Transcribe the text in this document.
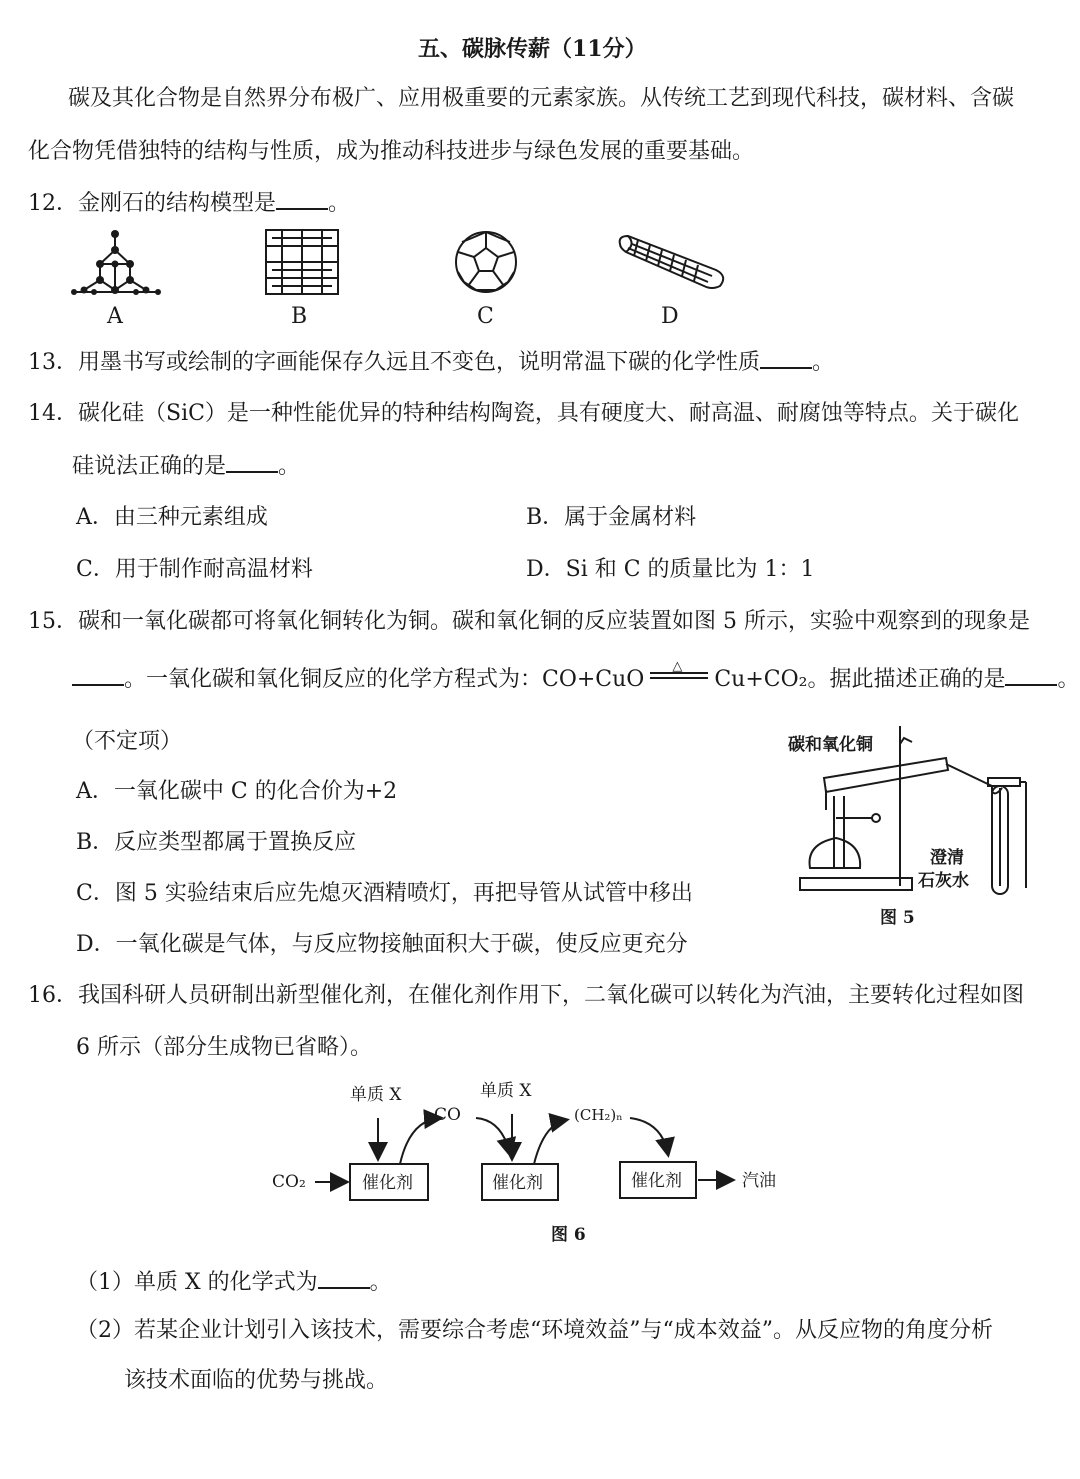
五、碳脉传薪（11分）
碳及其化合物是自然界分布极广、应用极重要的元素家族。从传统工艺到现代科技，碳材料、含碳
化合物凭借独特的结构与性质，成为推动科技进步与绿色发展的重要基础。
12．金刚石的结构模型是 。
A	B	C	D
13．用墨书写或绘制的字画能保存久远且不变色，说明常温下碳的化学性质 。
14．碳化硅（SiC）是一种性能优异的特种结构陶瓷，具有硬度大、耐高温、耐腐蚀等特点。关于碳化
硅说法正确的是 。
A．由三种元素组成	B．属于金属材料
C．用于制作耐高温材料	D．Si 和 C 的质量比为 1：1
15．碳和一氧化碳都可将氧化铜转化为铜。碳和氧化铜的反应装置如图 5 所示，实验中观察到的现象是
。一氧化碳和氧化铜反应的化学方程式为：CO+CuO
△
Cu+CO₂。据此描述正确的是 。
（不定项）
A．一氧化碳中 C 的化合价为+2
B．反应类型都属于置换反应
C．图 5 实验结束后应先熄灭酒精喷灯，再把导管从试管中移出
D．一氧化碳是气体，与反应物接触面积大于碳，使反应更充分
碳和氧化铜
澄清
石灰水
图 5
16．我国科研人员研制出新型催化剂，在催化剂作用下，二氧化碳可以转化为汽油，主要转化过程如图
6 所示（部分生成物已省略）。
CO₂
单质 X
CO
单质 X
(CH₂)ₙ
催化剂	催化剂	催化剂	汽油
图 6
（1）单质 X 的化学式为 。
（2）若某企业计划引入该技术，需要综合考虑“环境效益”与“成本效益”。从反应物的角度分析
该技术面临的优势与挑战。
